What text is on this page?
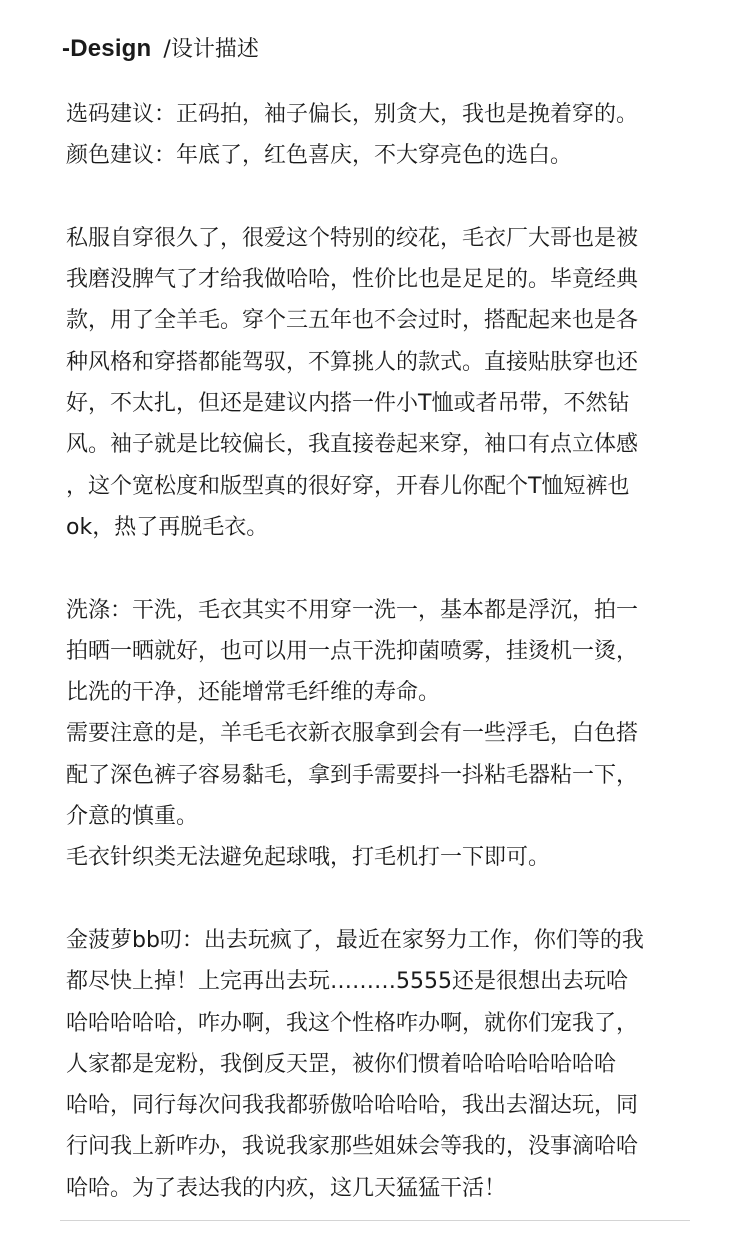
-Design /设计描述

选码建议：正码拍，袖子偏长，别贪大，我也是挽着穿的。

颜色建议：年底了，红色喜庆，不大穿亮色的选白。

私服自穿很久了，很爱这个特别的绞花，毛衣厂大哥也是被

我磨没脾气了才给我做哈哈，性价比也是足足的。毕竟经典

款，用了全羊毛。穿个三五年也不会过时，搭配起来也是各

种风格和穿搭都能驾驭，不算挑人的款式。直接贴肤穿也还

好，不太扎，但还是建议内搭一件小T恤或者吊带，不然钻

风。袖子就是比较偏长，我直接卷起来穿，袖口有点立体感

，这个宽松度和版型真的很好穿，开春儿你配个T恤短裤也

ok，热了再脱毛衣。

洗涤：干洗，毛衣其实不用穿一洗一，基本都是浮沉，拍一

拍晒一晒就好，也可以用一点干洗抑菌喷雾，挂烫机一烫，

比洗的干净，还能增常毛纤维的寿命。

需要注意的是，羊毛毛衣新衣服拿到会有一些浮毛，白色搭

配了深色裤子容易黏毛，拿到手需要抖一抖粘毛器粘一下，

介意的慎重。

毛衣针织类无法避免起球哦，打毛机打一下即可。

金菠萝bb叨：出去玩疯了，最近在家努力工作，你们等的我

都尽快上掉！上完再出去玩………5555还是很想出去玩哈

哈哈哈哈哈，咋办啊，我这个性格咋办啊，就你们宠我了，

人家都是宠粉，我倒反天罡，被你们惯着哈哈哈哈哈哈哈

哈哈，同行每次问我我都骄傲哈哈哈哈，我出去溜达玩，同

行问我上新咋办，我说我家那些姐妹会等我的，没事滴哈哈

哈哈。为了表达我的内疚，这几天猛猛干活！
